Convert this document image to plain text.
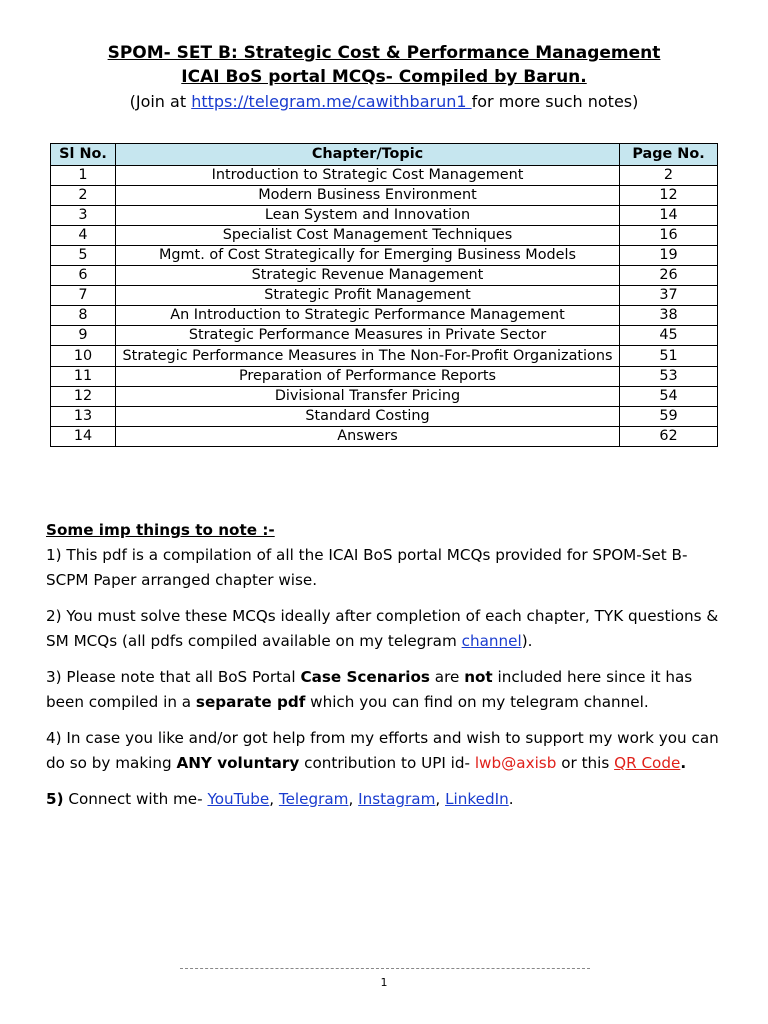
SPOM- SET B: Strategic Cost & Performance Management
ICAI BoS portal MCQs- Compiled by Barun.
(Join at https://telegram.me/cawithbarun1 for more such notes)
Sl No.	Chapter/Topic	Page No.
1	Introduction to Strategic Cost Management	2
2	Modern Business Environment	12
3	Lean System and Innovation	14
4	Specialist Cost Management Techniques	16
5	Mgmt. of Cost Strategically for Emerging Business Models	19
6	Strategic Revenue Management	26
7	Strategic Profit Management	37
8	An Introduction to Strategic Performance Management	38
9	Strategic Performance Measures in Private Sector	45
10	Strategic Performance Measures in The Non-For-Profit Organizations	51
11	Preparation of Performance Reports	53
12	Divisional Transfer Pricing	54
13	Standard Costing	59
14	Answers	62

Some imp things to note :-

1) This pdf is a compilation of all the ICAI BoS portal MCQs provided for SPOM-Set B- SCPM Paper arranged chapter wise.

2) You must solve these MCQs ideally after completion of each chapter, TYK questions & SM MCQs (all pdfs compiled available on my telegram channel).

3) Please note that all BoS Portal Case Scenarios are not included here since it has been compiled in a separate pdf which you can find on my telegram channel.

4) In case you like and/or got help from my efforts and wish to support my work you can do so by making ANY voluntary contribution to UPI id- lwb@axisb or this QR Code.

5) Connect with me- YouTube, Telegram, Instagram, LinkedIn.

1
